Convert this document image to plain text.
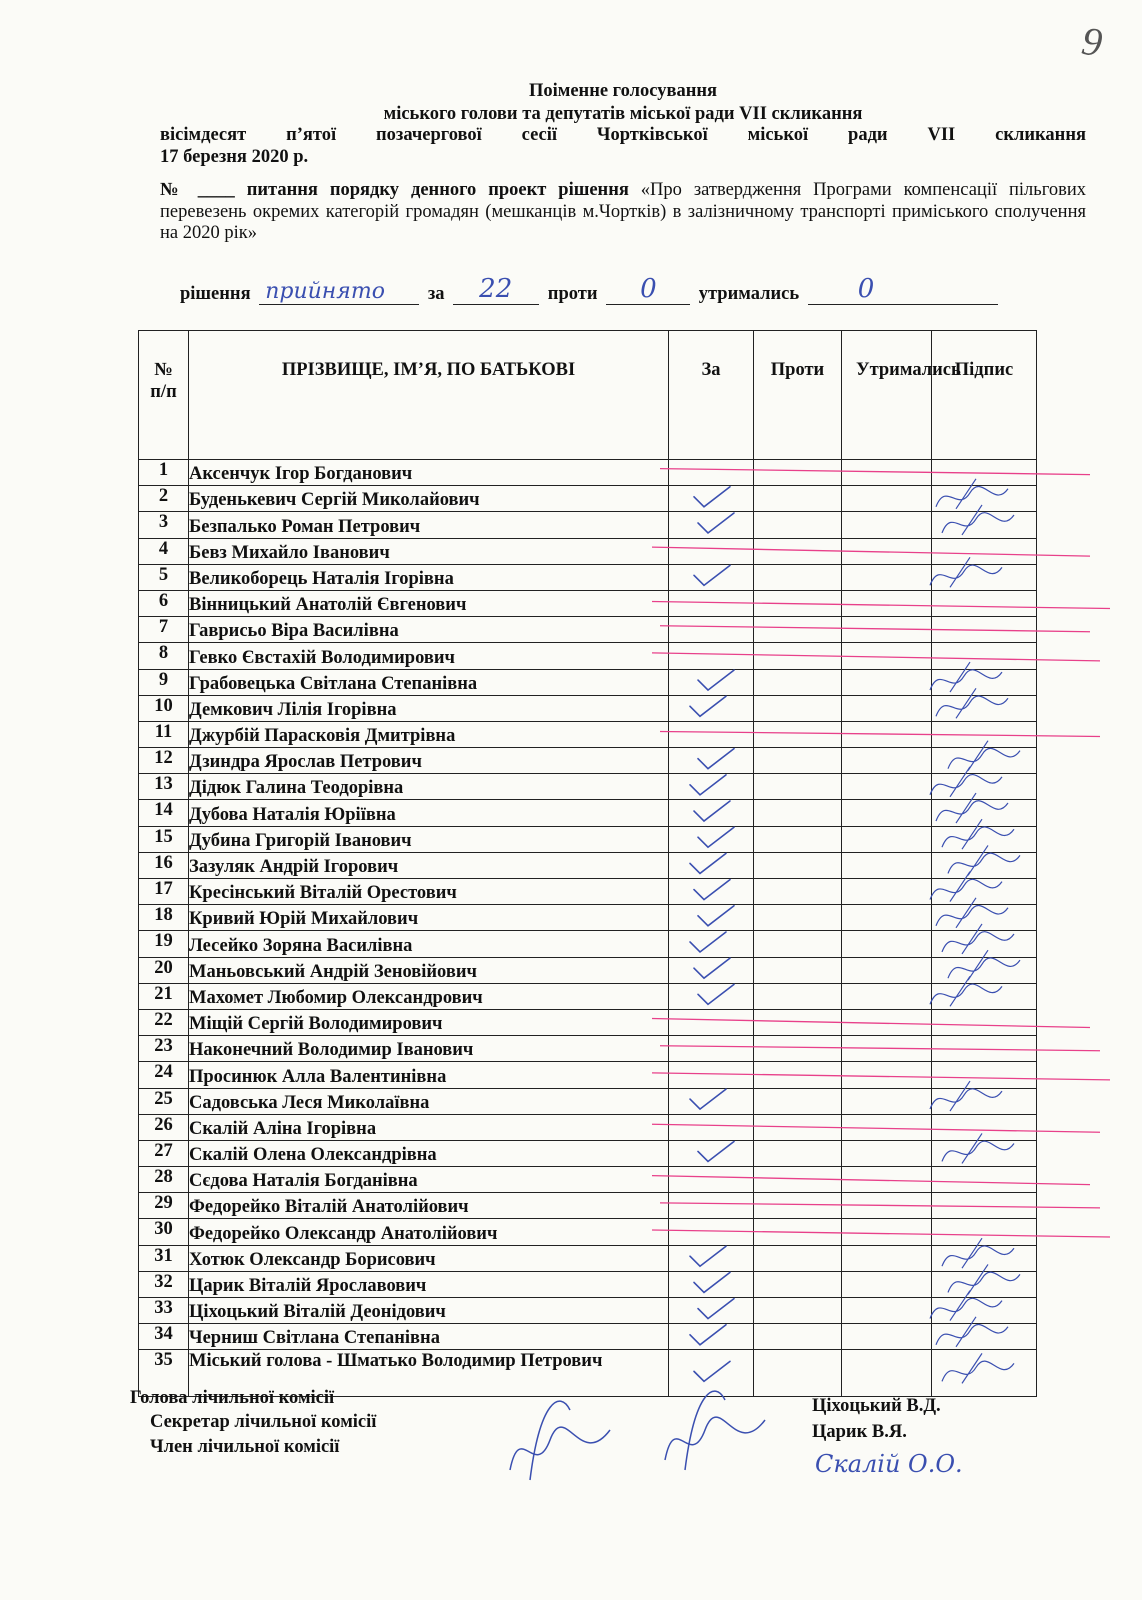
9
Поіменне голосування
міського голови та депутатів міської ради VII скликання
вісімдесят п’ятої позачергової сесії Чортківської міської ради VII скликання
17 березня 2020 р.
№ ____ питання порядку денного проект рішення «Про затвердження Програми компенсації пільгових перевезень окремих категорій громадян (мешканців м.Чортків) в залізничному транспорті приміського сполучення на 2020 рік»
рішення прийнято за 22 проти 0 утримались 0
№ п/п	ПРІЗВИЩЕ, ІМ’Я, ПО БАТЬКОВІ	За	Проти	Утримались	Підпис
1	Аксенчук Ігор Богданович				
2	Буденькевич Сергій Миколайович				
3	Безпалько Роман Петрович				
4	Бевз Михайло Іванович				
5	Великоборець Наталія Ігорівна				
6	Вінницький Анатолій Євгенович				
7	Гаврисьо Віра Василівна				
8	Гевко Євстахій Володимирович				
9	Грабовецька Світлана Степанівна				
10	Демкович Лілія Ігорівна				
11	Джурбій Парасковія Дмитрівна				
12	Дзиндра Ярослав Петрович				
13	Дідюк Галина Теодорівна				
14	Дубова Наталія Юріївна				
15	Дубина Григорій Іванович				
16	Зазуляк Андрій Ігорович				
17	Кресінський Віталій Орестович				
18	Кривий Юрій Михайлович				
19	Лесейко Зоряна Василівна				
20	Маньовський Андрій Зеновійович				
21	Махомет Любомир Олександрович				
22	Міщій Сергій Володимирович				
23	Наконечний Володимир Іванович				
24	Просинюк Алла Валентинівна				
25	Садовська Леся Миколаївна				
26	Скалій Аліна Ігорівна				
27	Скалій Олена Олександрівна				
28	Сєдова Наталія Богданівна				
29	Федорейко Віталій Анатолійович				
30	Федорейко Олександр Анатолійович				
31	Хотюк Олександр Борисович				
32	Царик Віталій Ярославович				
33	Ціхоцький Віталій Деонідович				
34	Черниш Світлана Степанівна				
35	Міський голова - Шматько Володимир Петрович				
Голова лічильної комісії
Секретар лічильної комісії
Член лічильної комісії
Ціхоцький В.Д.
Царик В.Я.
Скалій О.О.
